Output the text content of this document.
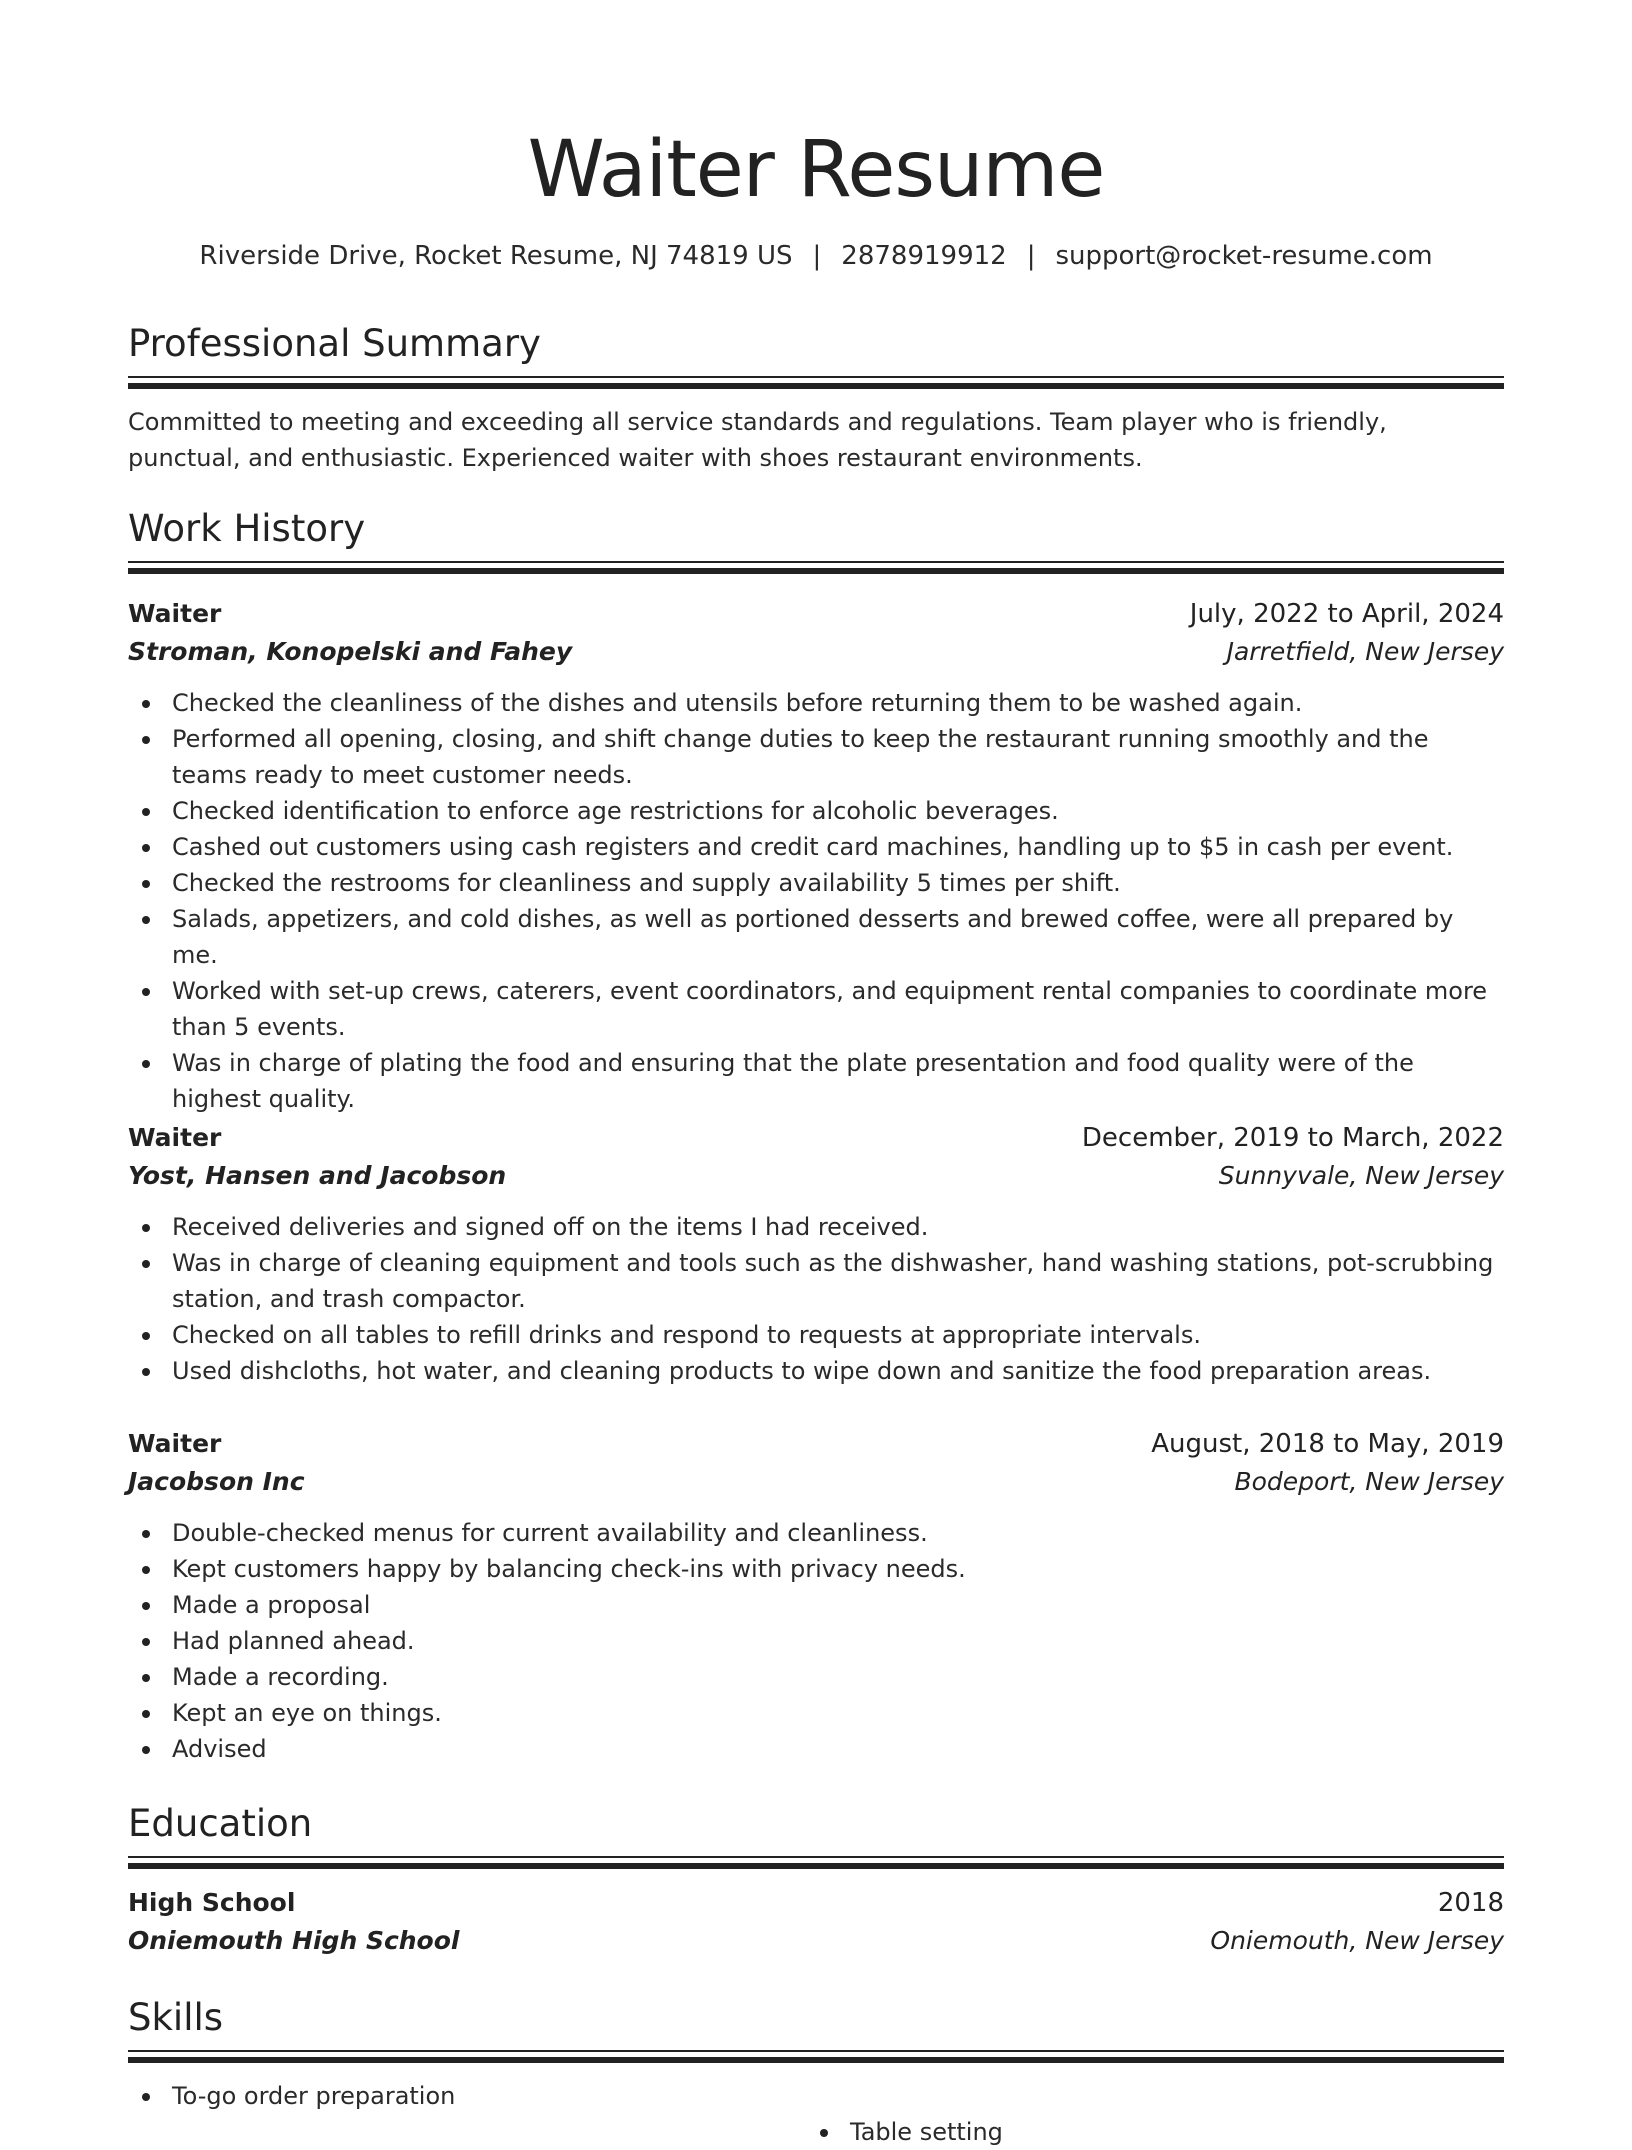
Waiter Resume
Riverside Drive, Rocket Resume, NJ 74819 US | 2878919912 | support@rocket-resume.com
Professional Summary

Committed to meeting and exceeding all service standards and regulations. Team player who is friendly, punctual, and enthusiastic. Experienced waiter with shoes restaurant environments.

Work History
Waiter	July, 2022 to April, 2024
Stroman, Konopelski and Fahey	Jarretfield, New Jersey
Checked the cleanliness of the dishes and utensils before returning them to be washed again.
Performed all opening, closing, and shift change duties to keep the restaurant running smoothly and the teams ready to meet customer needs.
Checked identification to enforce age restrictions for alcoholic beverages.
Cashed out customers using cash registers and credit card machines, handling up to $5 in cash per event.
Checked the restrooms for cleanliness and supply availability 5 times per shift.
Salads, appetizers, and cold dishes, as well as portioned desserts and brewed coffee, were all prepared by me.
Worked with set-up crews, caterers, event coordinators, and equipment rental companies to coordinate more than 5 events.
Was in charge of plating the food and ensuring that the plate presentation and food quality were of the highest quality.
Waiter	December, 2019 to March, 2022
Yost, Hansen and Jacobson	Sunnyvale, New Jersey
Received deliveries and signed off on the items I had received.
Was in charge of cleaning equipment and tools such as the dishwasher, hand washing stations, pot-scrubbing station, and trash compactor.
Checked on all tables to refill drinks and respond to requests at appropriate intervals.
Used dishcloths, hot water, and cleaning products to wipe down and sanitize the food preparation areas.
Waiter	August, 2018 to May, 2019
Jacobson Inc	Bodeport, New Jersey
Double-checked menus for current availability and cleanliness.
Kept customers happy by balancing check-ins with privacy needs.
Made a proposal
Had planned ahead.
Made a recording.
Kept an eye on things.
Advised
Education
High School	2018
Oniemouth High School	Oniemouth, New Jersey
Skills
To-go order preparation
Table setting
